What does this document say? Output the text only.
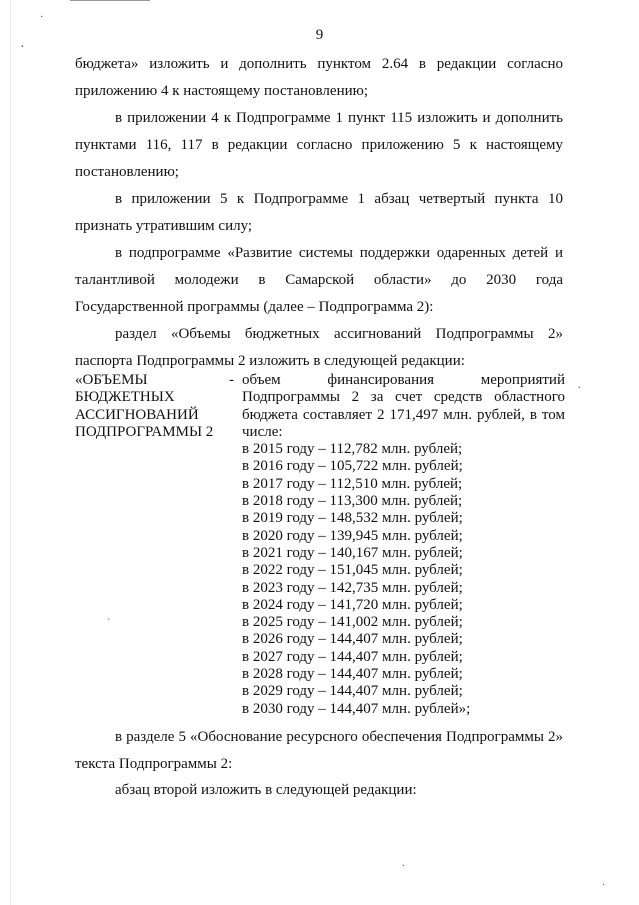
·
·
9

бюджета» изложить и дополнить пунктом 2.64 в редакции согласно приложению 4 к настоящему постановлению;

в приложении 4 к Подпрограмме 1 пункт 115 изложить и дополнить пунктами 116, 117 в редакции согласно приложению 5 к настоящему постановлению;

в приложении 5 к Подпрограмме 1 абзац четвертый пункта 10 признать утратившим силу;

в подпрограмме «Развитие системы поддержки одаренных детей и талантливой молодежи в Самарской области» до 2030 года Государственной программы (далее – Подпрограмма 2):

раздел «Объемы бюджетных ассигнований Подпрограммы 2» паспорта Подпрограммы 2 изложить в следующей редакции:

«ОБЪЕМЫ БЮДЖЕТНЫХ АССИГНОВАНИЙ ПОДПРОГРАММЫ 2
- объем финансирования мероприятий Подпрограммы 2 за счет средств областного бюджета составляет 2 171,497 млн. рублей, в том числе:

в 2015 году – 112,782 млн. рублей;
в 2016 году – 105,722 млн. рублей;
в 2017 году – 112,510 млн. рублей;
в 2018 году – 113,300 млн. рублей;
в 2019 году – 148,532 млн. рублей;
в 2020 году – 139,945 млн. рублей;
в 2021 году – 140,167 млн. рублей;
в 2022 году – 151,045 млн. рублей;
в 2023 году – 142,735 млн. рублей;
в 2024 году – 141,720 млн. рублей;
в 2025 году – 141,002 млн. рублей;
в 2026 году – 144,407 млн. рублей;
в 2027 году – 144,407 млн. рублей;
в 2028 году – 144,407 млн. рублей;
в 2029 году – 144,407 млн. рублей;
в 2030 году – 144,407 млн. рублей»;

в разделе 5 «Обоснование ресурсного обеспечения Подпрограммы 2» текста Подпрограммы 2:

абзац второй изложить в следующей редакции:

.
`
.
·
